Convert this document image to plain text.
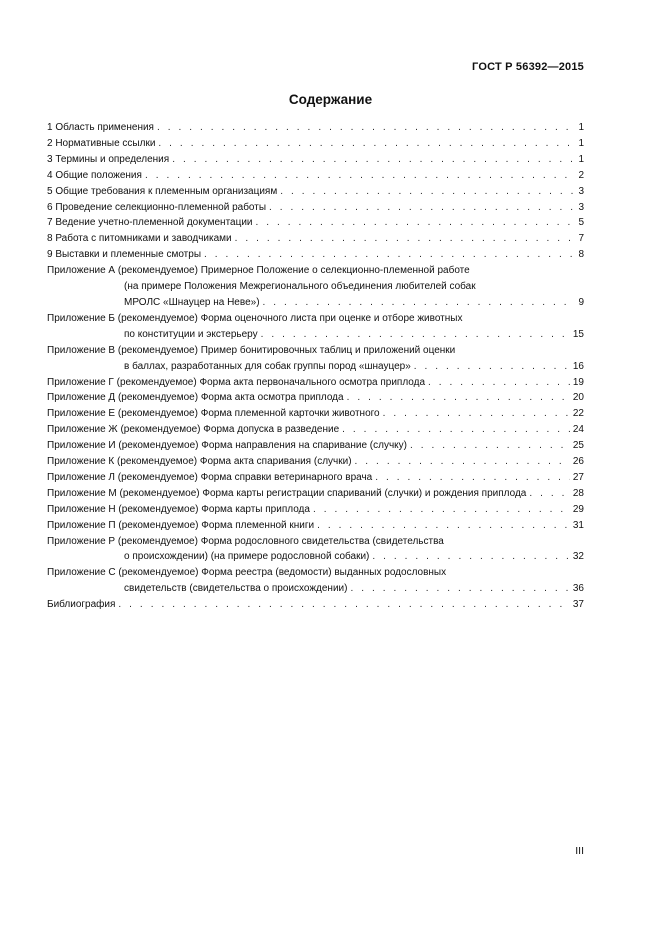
ГОСТ Р 56392—2015
Содержание
1 Область применения . . .	1
2 Нормативные ссылки . . .	1
3 Термины и определения . . .	1
4 Общие положения . . .	2
5 Общие требования к племенным организациям . . .	3
6 Проведение селекционно-племенной работы . . .	3
7 Ведение учетно-племенной документации . . .	5
8 Работа с питомниками и заводчиками . . .	7
9 Выставки и племенные смотры . . .	8
Приложение А (рекомендуемое) Примерное Положение о селекционно-племенной работе
(на примере Положения Межрегионального объединения любителей собак
МРОЛС «Шнауцер на Неве») . . .	9
Приложение Б (рекомендуемое) Форма оценочного листа при оценке и отборе животных
по конституции и экстерьеру . . .	15
Приложение В (рекомендуемое) Пример бонитировочных таблиц и приложений оценки
в баллах, разработанных для собак группы пород «шнауцер» . . .	16
Приложение Г (рекомендуемое) Форма акта первоначального осмотра приплода . . .	19
Приложение Д (рекомендуемое) Форма акта осмотра приплода . . .	20
Приложение Е (рекомендуемое) Форма племенной карточки животного . . .	22
Приложение Ж (рекомендуемое) Форма допуска в разведение . . .	24
Приложение И (рекомендуемое) Форма направления на спаривание (случку) . . .	25
Приложение К (рекомендуемое) Форма акта спаривания (случки) . . .	26
Приложение Л (рекомендуемое) Форма справки ветеринарного врача . . .	27
Приложение М (рекомендуемое) Форма карты регистрации спариваний (случки) и рождения приплода . . .	28
Приложение Н (рекомендуемое) Форма карты приплода . . .	29
Приложение П (рекомендуемое) Форма племенной книги . . .	31
Приложение Р (рекомендуемое) Форма родословного свидетельства (свидетельства
о происхождении) (на примере родословной собаки) . . .	32
Приложение С (рекомендуемое) Форма реестра (ведомости) выданных родословных
свидетельств (свидетельства о происхождении) . . .	36
Библиография . . .	37
III
